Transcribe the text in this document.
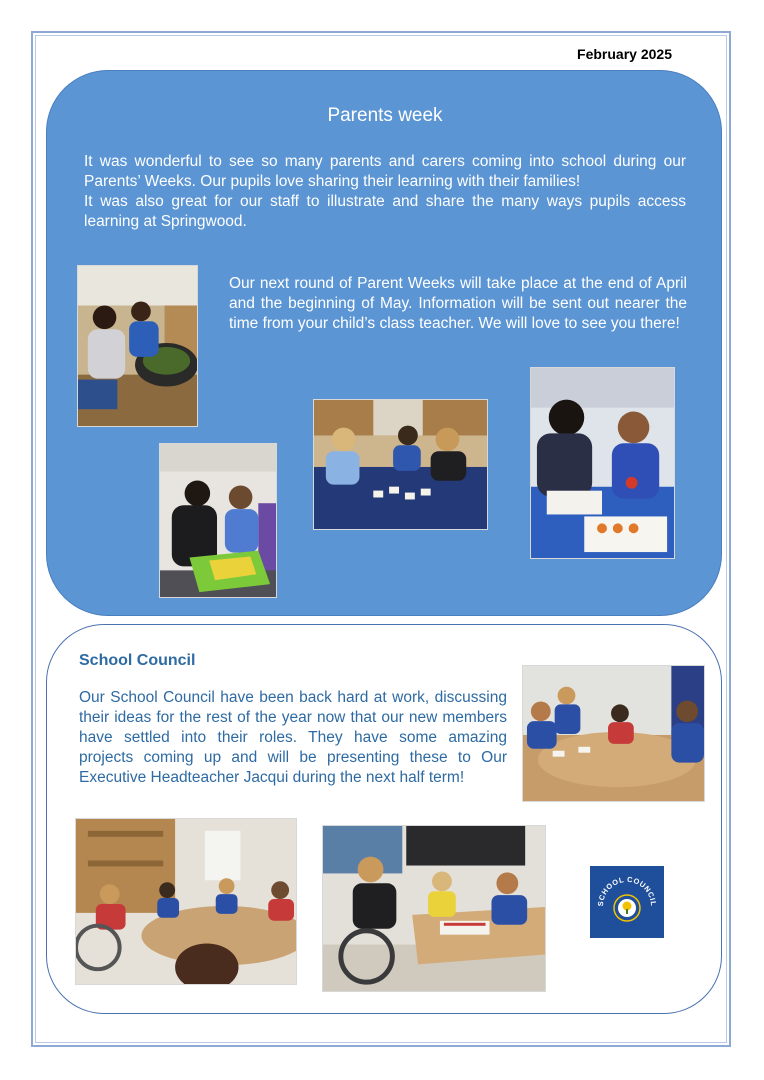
February 2025
Parents week

It was wonderful to see so many parents and carers coming into school during our Parents’ Weeks. Our pupils love sharing their learning with their families!

It was also great for our staff to illustrate and share the many ways pupils access learning at Springwood.

Our next round of Parent Weeks will take place at the end of April and the beginning of May. Information will be sent out nearer the time from your child’s class teacher. We will love to see you there!

School Council

Our School Council have been back hard at work, discussing their ideas for the rest of the year now that our new members have settled into their roles. They have some amazing projects coming up and will be presenting these to Our Executive Headteacher Jacqui during the next half term!

SCHOOL COUNCIL
